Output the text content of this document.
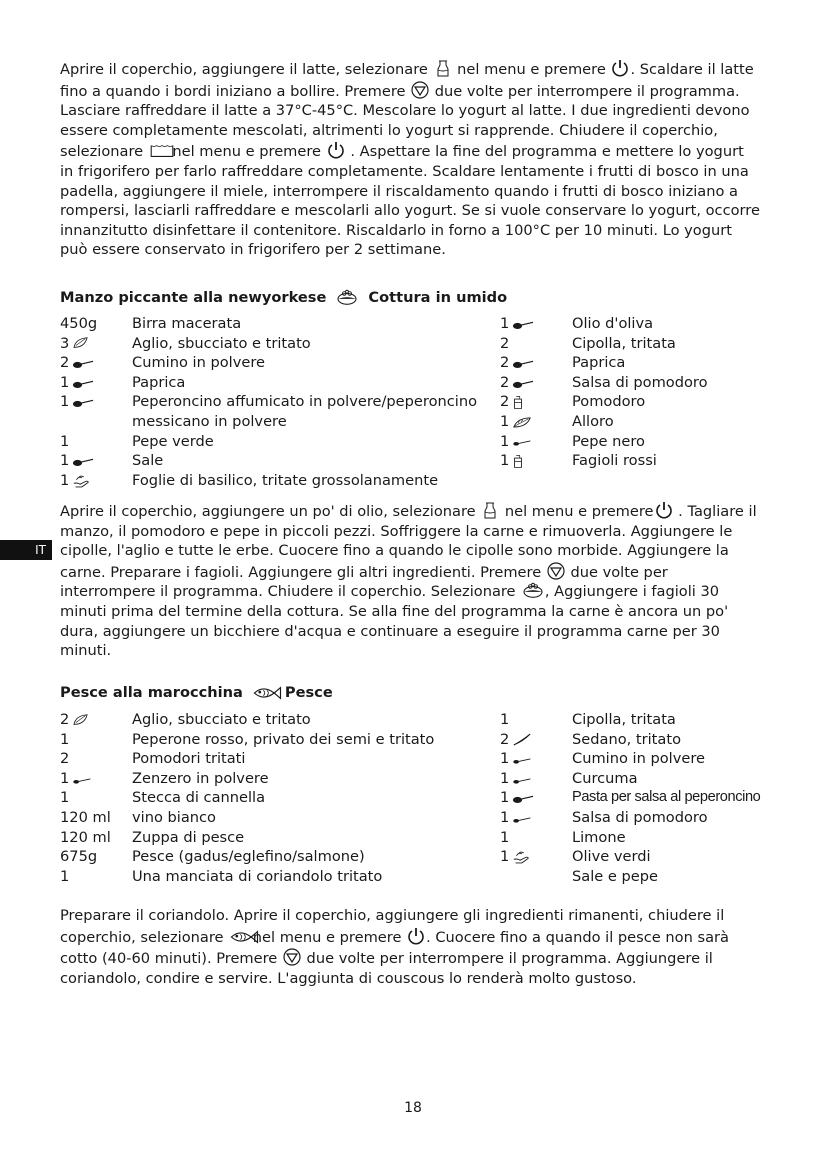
Aprire il coperchio, aggiungere il latte, selezionare  nel menu e premere . Scaldare il latte fino a quando i bordi iniziano a bollire. Premere  due volte per interrompere il programma. Lasciare raffreddare il latte a 37°C-45°C. Mescolare lo yogurt al latte. I due ingredienti devono essere completamente mescolati, altrimenti lo yogurt si rapprende. Chiudere il coperchio, selezionare  nel menu e premere  . Aspettare la fine del programma e mettere lo yogurt in frigorifero per farlo raffreddare completamente. Scaldare lentamente i frutti di bosco in una padella, aggiungere il miele, interrompere il riscaldamento quando i frutti di bosco iniziano a rompersi, lasciarli raffreddare e mescolarli allo yogurt. Se si vuole conservare lo yogurt, occorre innanzitutto disinfettare il contenitore. Riscaldarlo in forno a 100°C per 10 minuti. Lo yogurt può essere conservato in frigorifero per 2 settimane.

Manzo piccante alla newyorkese	Cottura in umido
450g Birra macerata
3	Aglio, sbucciato e tritato
2	Cumino in polvere
1	Paprica
1	Peperoncino affumicato in polvere/peperoncino messicano in polvere
1	Pepe verde
1	Sale
1	Foglie di basilico, tritate grossolanamente
1	Olio d'oliva
2	Cipolla, tritata
2	Paprica
2	Salsa di pomodoro
2	Pomodoro
1	Alloro
1	Pepe nero
1	Fagioli rossi

Aprire il coperchio, aggiungere un po' di olio, selezionare  nel menu e premere . Tagliare il manzo, il pomodoro e pepe in piccoli pezzi. Soffriggere la carne e rimuoverla. Aggiungere le cipolle, l'aglio e tutte le erbe. Cuocere fino a quando le cipolle sono morbide. Aggiungere la carne. Preparare i fagioli. Aggiungere gli altri ingredienti. Premere  due volte per interrompere il programma. Chiudere il coperchio. Selezionare  , Aggiungere i fagioli 30 minuti prima del termine della cottura. Se alla fine del programma la carne è ancora un po' dura, aggiungere un bicchiere d'acqua e continuare a eseguire il programma carne per 30 minuti.

IT
Pesce alla marocchina	Pesce
2	Aglio, sbucciato e tritato
1	Peperone rosso, privato dei semi e tritato
2	Pomodori tritati
1	Zenzero in polvere
1	Stecca di cannella
120 ml vino bianco
120 ml Zuppa di pesce
675g Pesce (gadus/eglefino/salmone)
1	Una manciata di coriandolo tritato
1	Cipolla, tritata
2	Sedano, tritato
1	Cumino in polvere
1	Curcuma
1	Pasta per salsa al peperoncino
1	Salsa di pomodoro
1	Limone
1	Olive verdi
Sale e pepe

Preparare il coriandolo. Aprire il coperchio, aggiungere gli ingredienti rimanenti, chiudere il coperchio, selezionare  nel menu e premere . Cuocere fino a quando il pesce non sarà cotto (40-60 minuti). Premere  due volte per interrompere il programma. Aggiungere il coriandolo, condire e servire. L'aggiunta di couscous lo renderà molto gustoso.

18
